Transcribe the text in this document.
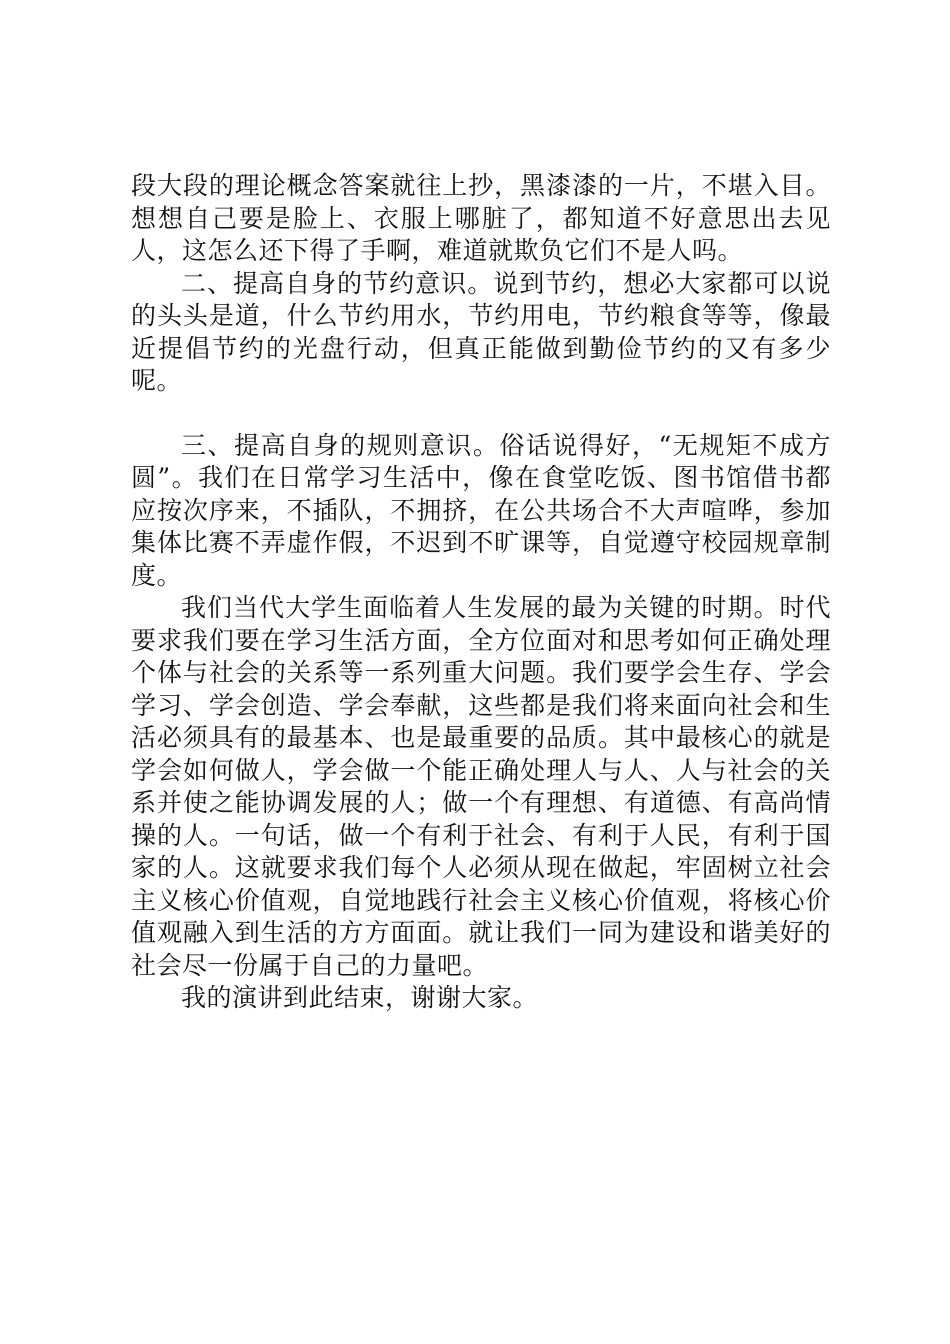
段大段的理论概念答案就往上抄，黑漆漆的一片，不堪入目。想想自己要是脸上、衣服上哪脏了，都知道不好意思出去见人，这怎么还下得了手啊，难道就欺负它们不是人吗。

二、提高自身的节约意识。说到节约，想必大家都可以说的头头是道，什么节约用水，节约用电，节约粮食等等，像最近提倡节约的光盘行动，但真正能做到勤俭节约的又有多少呢。

三、提高自身的规则意识。俗话说得好，“无规矩不成方圆”。我们在日常学习生活中，像在食堂吃饭、图书馆借书都应按次序来，不插队，不拥挤，在公共场合不大声喧哗，参加集体比赛不弄虚作假，不迟到不旷课等，自觉遵守校园规章制度。

我们当代大学生面临着人生发展的最为关键的时期。时代要求我们要在学习生活方面，全方位面对和思考如何正确处理个体与社会的关系等一系列重大问题。我们要学会生存、学会学习、学会创造、学会奉献，这些都是我们将来面向社会和生活必须具有的最基本、也是最重要的品质。其中最核心的就是学会如何做人，学会做一个能正确处理人与人、人与社会的关系并使之能协调发展的人；做一个有理想、有道德、有高尚情操的人。一句话，做一个有利于社会、有利于人民，有利于国家的人。这就要求我们每个人必须从现在做起，牢固树立社会主义核心价值观，自觉地践行社会主义核心价值观，将核心价值观融入到生活的方方面面。就让我们一同为建设和谐美好的社会尽一份属于自己的力量吧。

我的演讲到此结束，谢谢大家。
